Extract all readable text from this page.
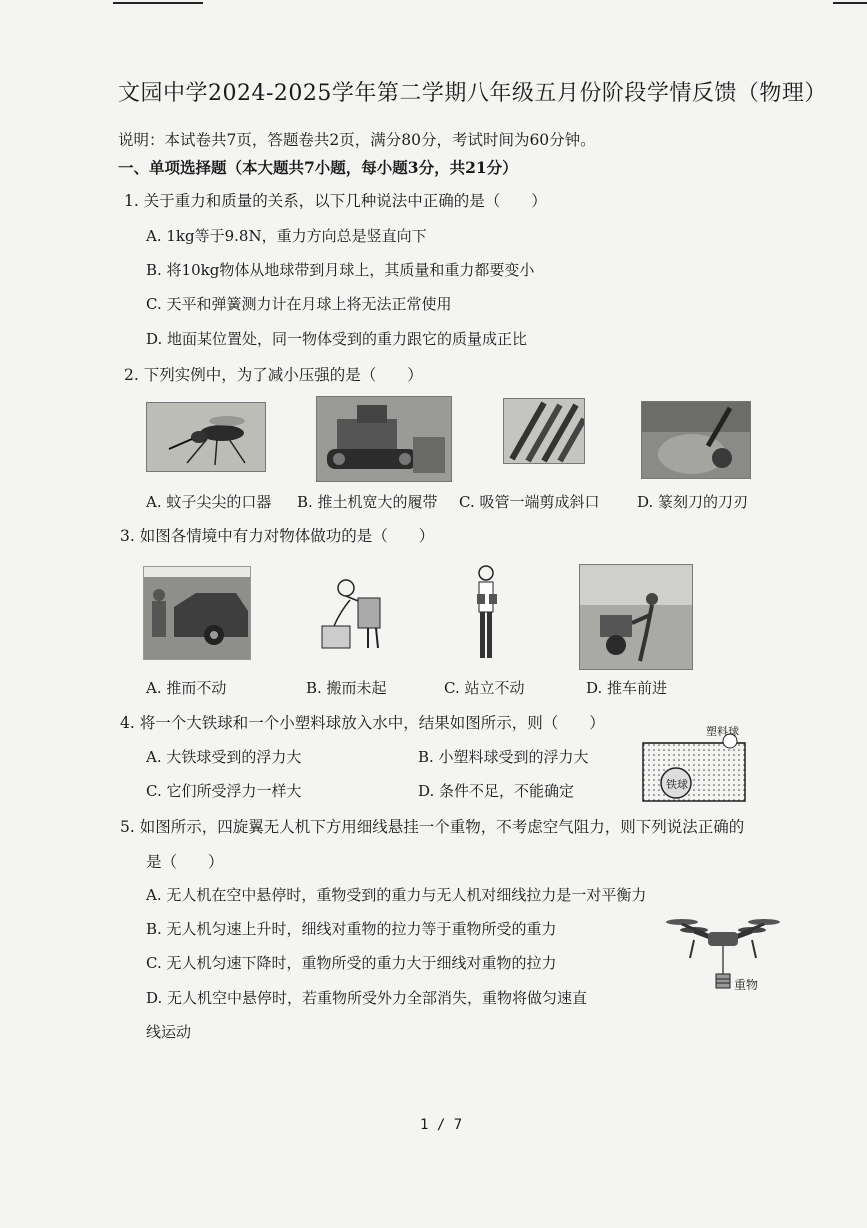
文园中学2024-2025学年第二学期八年级五月份阶段学情反馈（物理）
说明：本试卷共7页，答题卷共2页，满分80分，考试时间为60分钟。
一、单项选择题（本大题共7小题，每小题3分，共21分）
1. 关于重力和质量的关系，以下几种说法中正确的是（　　）
A. 1kg等于9.8N，重力方向总是竖直向下
B. 将10kg物体从地球带到月球上，其质量和重力都要变小
C. 天平和弹簧测力计在月球上将无法正常使用
D. 地面某位置处，同一物体受到的重力跟它的质量成正比
2. 下列实例中，为了减小压强的是（　　）
A. 蚊子尖尖的口器 B. 推土机宽大的履带 C. 吸管一端剪成斜口	D. 篆刻刀的刀刃
3. 如图各情境中有力对物体做功的是（　　）
A. 推而不动	B. 搬而未起	C. 站立不动	D. 推车前进
4. 将一个大铁球和一个小塑料球放入水中，结果如图所示，则（　　）
A. 大铁球受到的浮力大	B. 小塑料球受到的浮力大
C. 它们所受浮力一样大	D. 条件不足，不能确定
塑料球
铁球
5. 如图所示，四旋翼无人机下方用细线悬挂一个重物，不考虑空气阻力，则下列说法正确的
是（　　）
A. 无人机在空中悬停时，重物受到的重力与无人机对细线拉力是一对平衡力
B. 无人机匀速上升时，细线对重物的拉力等于重物所受的重力
C. 无人机匀速下降时，重物所受的重力大于细线对重物的拉力
D. 无人机空中悬停时，若重物所受外力全部消失，重物将做匀速直
线运动
重物
1 / 7
